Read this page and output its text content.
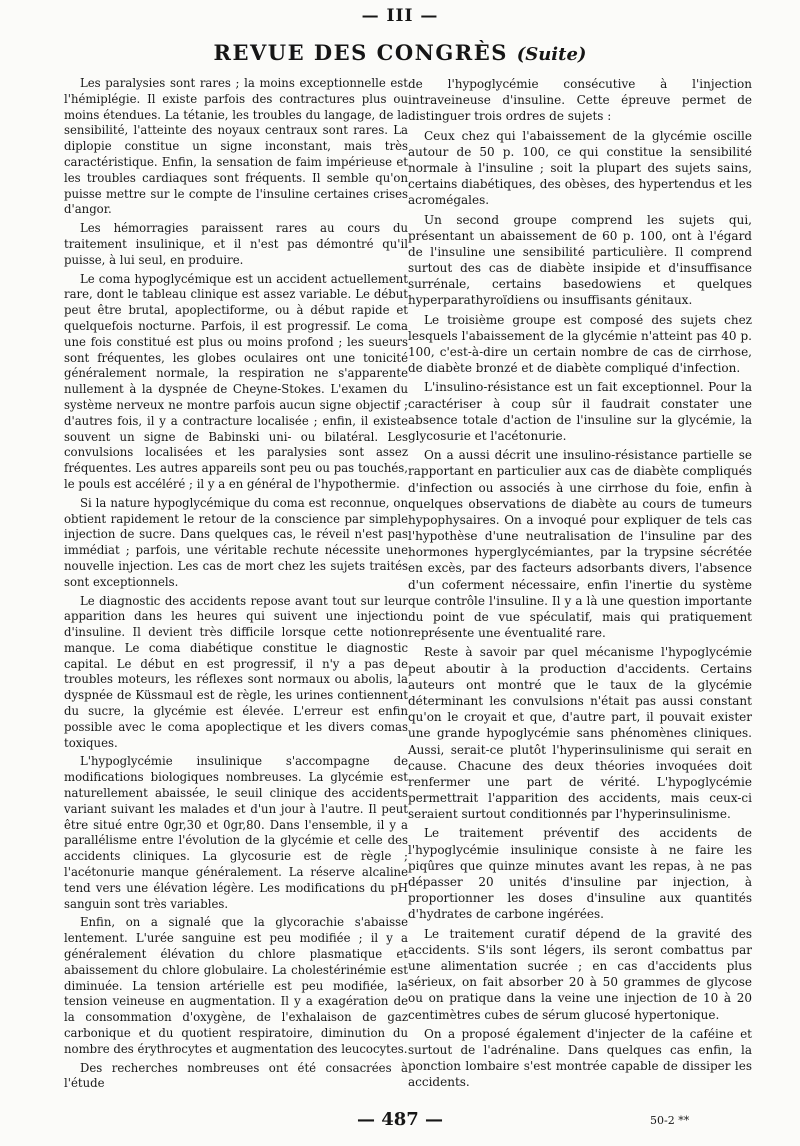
— III —
REVUE DES CONGRÈS (Suite)

Les paralysies sont rares ; la moins exceptionnelle est l'hémiplégie. Il existe parfois des contractures plus ou moins étendues. La tétanie, les troubles du langage, de la sensibilité, l'atteinte des noyaux centraux sont rares. La diplopie constitue un signe inconstant, mais très caractéristique. Enfin, la sensation de faim impérieuse et les troubles cardiaques sont fréquents. Il semble qu'on puisse mettre sur le compte de l'insuline certaines crises d'angor.

Les hémorragies paraissent rares au cours du traitement insulinique, et il n'est pas démontré qu'il puisse, à lui seul, en produire.

Le coma hypoglycémique est un accident actuellement rare, dont le tableau clinique est assez variable. Le début peut être brutal, apoplectiforme, ou à début rapide et quelquefois nocturne. Parfois, il est progressif. Le coma une fois constitué est plus ou moins profond ; les sueurs sont fréquentes, les globes oculaires ont une tonicité généralement normale, la respiration ne s'apparente nullement à la dyspnée de Cheyne-Stokes. L'examen du système nerveux ne montre parfois aucun signe objectif ; d'autres fois, il y a contracture localisée ; enfin, il existe souvent un signe de Babinski uni- ou bilatéral. Les convulsions localisées et les paralysies sont assez fréquentes. Les autres appareils sont peu ou pas touchés, le pouls est accéléré ; il y a en général de l'hypothermie.

Si la nature hypoglycémique du coma est reconnue, on obtient rapidement le retour de la conscience par simple injection de sucre. Dans quelques cas, le réveil n'est pas immédiat ; parfois, une véritable rechute nécessite une nouvelle injection. Les cas de mort chez les sujets traités sont exceptionnels.

Le diagnostic des accidents repose avant tout sur leur apparition dans les heures qui suivent une injection d'insuline. Il devient très difficile lorsque cette notion manque. Le coma diabétique constitue le diagnostic capital. Le début en est progressif, il n'y a pas de troubles moteurs, les réflexes sont normaux ou abolis, la dyspnée de Küssmaul est de règle, les urines contiennent du sucre, la glycémie est élevée. L'erreur est enfin possible avec le coma apoplectique et les divers comas toxiques.

L'hypoglycémie insulinique s'accompagne de modifications biologiques nombreuses. La glycémie est naturellement abaissée, le seuil clinique des accidents variant suivant les malades et d'un jour à l'autre. Il peut être situé entre 0gr,30 et 0gr,80. Dans l'ensemble, il y a parallélisme entre l'évolution de la glycémie et celle des accidents cliniques. La glycosurie est de règle ; l'acétonurie manque généralement. La réserve alcaline tend vers une élévation légère. Les modifications du pH sanguin sont très variables.

Enfin, on a signalé que la glycorachie s'abaisse lentement. L'urée sanguine est peu modifiée ; il y a généralement élévation du chlore plasmatique et abaissement du chlore globulaire. La cholestérinémie est diminuée. La tension artérielle est peu modifiée, la tension veineuse en augmentation. Il y a exagération de la consommation d'oxygène, de l'exhalaison de gaz carbonique et du quotient respiratoire, diminution du nombre des érythrocytes et augmentation des leucocytes.

Des recherches nombreuses ont été consacrées à l'étude

de l'hypoglycémie consécutive à l'injection intraveineuse d'insuline. Cette épreuve permet de distinguer trois ordres de sujets :

Ceux chez qui l'abaissement de la glycémie oscille autour de 50 p. 100, ce qui constitue la sensibilité normale à l'insuline ; soit la plupart des sujets sains, certains diabétiques, des obèses, des hypertendus et les acromégales.

Un second groupe comprend les sujets qui, présentant un abaissement de 60 p. 100, ont à l'égard de l'insuline une sensibilité particulière. Il comprend surtout des cas de diabète insipide et d'insuffisance surrénale, certains basedowiens et quelques hyperparathyroïdiens ou insuffisants génitaux.

Le troisième groupe est composé des sujets chez lesquels l'abaissement de la glycémie n'atteint pas 40 p. 100, c'est-à-dire un certain nombre de cas de cirrhose, de diabète bronzé et de diabète compliqué d'infection.

L'insulino-résistance est un fait exceptionnel. Pour la caractériser à coup sûr il faudrait constater une absence totale d'action de l'insuline sur la glycémie, la glycosurie et l'acétonurie.

On a aussi décrit une insulino-résistance partielle se rapportant en particulier aux cas de diabète compliqués d'infection ou associés à une cirrhose du foie, enfin à quelques observations de diabète au cours de tumeurs hypophysaires. On a invoqué pour expliquer de tels cas l'hypothèse d'une neutralisation de l'insuline par des hormones hyperglycémiantes, par la trypsine sécrétée en excès, par des facteurs adsorbants divers, l'absence d'un coferment nécessaire, enfin l'inertie du système que contrôle l'insuline. Il y a là une question importante du point de vue spéculatif, mais qui pratiquement représente une éventualité rare.

Reste à savoir par quel mécanisme l'hypoglycémie peut aboutir à la production d'accidents. Certains auteurs ont montré que le taux de la glycémie déterminant les convulsions n'était pas aussi constant qu'on le croyait et que, d'autre part, il pouvait exister une grande hypoglycémie sans phénomènes cliniques. Aussi, serait-ce plutôt l'hyperinsulinisme qui serait en cause. Chacune des deux théories invoquées doit renfermer une part de vérité. L'hypoglycémie permettrait l'apparition des accidents, mais ceux-ci seraient surtout conditionnés par l'hyperinsulinisme.

Le traitement préventif des accidents de l'hypoglycémie insulinique consiste à ne faire les piqûres que quinze minutes avant les repas, à ne pas dépasser 20 unités d'insuline par injection, à proportionner les doses d'insuline aux quantités d'hydrates de carbone ingérées.

Le traitement curatif dépend de la gravité des accidents. S'ils sont légers, ils seront combattus par une alimentation sucrée ; en cas d'accidents plus sérieux, on fait absorber 20 à 50 grammes de glycose ou on pratique dans la veine une injection de 10 à 20 centimètres cubes de sérum glucosé hypertonique.

On a proposé également d'injecter de la caféine et surtout de l'adrénaline. Dans quelques cas enfin, la ponction lombaire s'est montrée capable de dissiper les accidents.

— 487 —	50-2 **
